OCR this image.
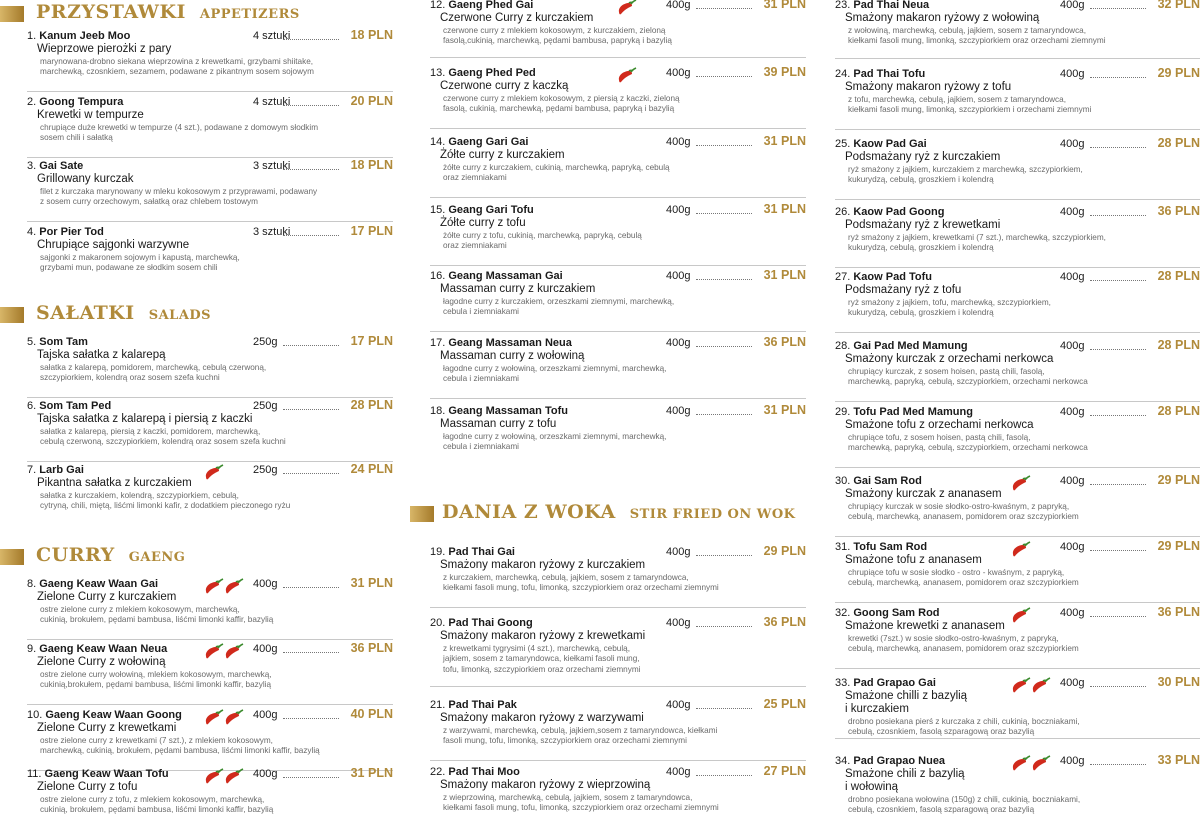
PRZYSTAWKI APPETIZERS
1. Kanum Jeeb Moo	4 sztuki	18 PLN
Wieprzowe pierożki z pary
marynowana-drobno siekana wieprzowina z krewetkami, grzybami shiitake,
marchewką, czosnkiem, sezamem, podawane z pikantnym sosem sojowym
2. Goong Tempura	4 sztuki	20 PLN
Krewetki w tempurze
chrupiące duże krewetki w tempurze (4 szt.), podawane z domowym słodkim
sosem chili i sałatką
3. Gai Sate	3 sztuki	18 PLN
Grillowany kurczak
filet z kurczaka marynowany w mleku kokosowym z przyprawami, podawany
z sosem curry orzechowym, sałatką oraz chlebem tostowym
4. Por Pier Tod	3 sztuki	17 PLN
Chrupiące sajgonki warzywne
sajgonki z makaronem sojowym i kapustą, marchewką,
grzybami mun, podawane ze słodkim sosem chili
SAŁATKI SALADS
5. Som Tam	250g	17 PLN
Tajska sałatka z kalarepą
sałatka z kalarepą, pomidorem, marchewką, cebulą czerwoną,
szczypiorkiem, kolendrą oraz sosem szefa kuchni
6. Som Tam Ped	250g	28 PLN
Tajska sałatka z kalarepą i piersią z kaczki
sałatka z kalarepą, piersią z kaczki, pomidorem, marchewką,
cebulą czerwoną, szczypiorkiem, kolendrą oraz sosem szefa kuchni
7. Larb Gai	250g	24 PLN
Pikantna sałatka z kurczakiem
sałatka z kurczakiem, kolendrą, szczypiorkiem, cebulą,
cytryną, chili, miętą, liśćmi limonki kafir, z dodatkiem pieczonego ryżu
CURRY GAENG
8. Gaeng Keaw Waan Gai	400g	31 PLN
Zielone Curry z kurczakiem
ostre zielone curry z mlekiem kokosowym, marchewką,
cukinią, brokułem, pędami bambusa, liśćmi limonki kaffir, bazylią
9. Gaeng Keaw Waan Neua	400g	36 PLN
Zielone Curry z wołowiną
ostre zielone curry wołowiną, mlekiem kokosowym, marchewką,
cukinią,brokułem, pędami bambusa, liśćmi limonki kaffir, bazylią
10. Gaeng Keaw Waan Goong	400g	40 PLN
Zielone Curry z krewetkami
ostre zielone curry z krewetkami (7 szt.), z mlekiem kokosowym,
marchewką, cukinią, brokułem, pędami bambusa, liśćmi limonki kaffir, bazylią
11. Gaeng Keaw Waan Tofu	400g	31 PLN
Zielone Curry z tofu
ostre zielone curry z tofu, z mlekiem kokosowym, marchewką,
cukinią, brokułem, pędami bambusa, liśćmi limonki kaffir, bazylią
12. Gaeng Phed Gai	400g	31 PLN
Czerwone Curry z kurczakiem
czerwone curry z mlekiem kokosowym, z kurczakiem, zieloną
fasolą,cukinią, marchewką, pędami bambusa, papryką i bazylią
13. Gaeng Phed Ped	400g	39 PLN
Czerwone curry z kaczką
czerwone curry z mlekiem kokosowym, z piersią z kaczki, zieloną
fasolą, cukinią, marchewką, pędami bambusa, papryką i bazylią
14. Gaeng Gari Gai	400g	31 PLN
Żółte curry z kurczakiem
żółte curry z kurczakiem, cukinią, marchewką, papryką, cebulą
oraz ziemniakami
15. Geang Gari Tofu	400g	31 PLN
Żółte curry z tofu
żółte curry z tofu, cukinią, marchewką, papryką, cebulą
oraz ziemniakami
16. Geang Massaman Gai	400g	31 PLN
Massaman curry z kurczakiem
łagodne curry z kurczakiem, orzeszkami ziemnymi, marchewką,
cebula i ziemniakami
17. Geang Massaman Neua	400g	36 PLN
Massaman curry z wołowiną
łagodne curry z wołowiną, orzeszkami ziemnymi, marchewką,
cebula i ziemniakami
18. Geang Massaman Tofu	400g	31 PLN
Massaman curry z tofu
łagodne curry z wołowiną, orzeszkami ziemnymi, marchewką,
cebula i ziemniakami
DANIA Z WOKA STIR FRIED ON WOK
19. Pad Thai Gai	400g	29 PLN
Smażony makaron ryżowy z kurczakiem
z kurczakiem, marchewką, cebulą, jajkiem, sosem z tamaryndowca,
kiełkami fasoli mung, tofu, limonką, szczypiorkiem oraz orzechami ziemnymi
20. Pad Thai Goong	400g	36 PLN
Smażony makaron ryżowy z krewetkami
z krewetkami tygrysimi (4 szt.), marchewką, cebulą,
jajkiem, sosem z tamaryndowca, kiełkami fasoli mung,
tofu, limonką, szczypiorkiem oraz orzechami ziemnymi
21. Pad Thai Pak	400g	25 PLN
Smażony makaron ryżowy z warzywami
z warzywami, marchewką, cebulą, jajkiem,sosem z tamaryndowca, kiełkami
fasoli mung, tofu, limonką, szczypiorkiem oraz orzechami ziemnymi
22. Pad Thai Moo	400g	27 PLN
Smażony makaron ryżowy z wieprzowiną
z wieprzowiną, marchewką, cebulą, jajkiem, sosem z tamaryndowca,
kiełkami fasoli mung, tofu, limonką, szczypiorkiem oraz orzechami ziemnymi
23. Pad Thai Neua	400g	32 PLN
Smażony makaron ryżowy z wołowiną
z wołowiną, marchewką, cebulą, jajkiem, sosem z tamaryndowca,
kiełkami fasoli mung, limonką, szczypiorkiem oraz orzechami ziemnymi
24. Pad Thai Tofu	400g	29 PLN
Smażony makaron ryżowy z tofu
z tofu, marchewką, cebulą, jajkiem, sosem z tamaryndowca,
kiełkami fasoli mung, limonką, szczypiorkiem i orzechami ziemnymi
25. Kaow Pad Gai	400g	28 PLN
Podsmażany ryż z kurczakiem
ryż smażony z jajkiem, kurczakiem z marchewką, szczypiorkiem,
kukurydzą, cebulą, groszkiem i kolendrą
26. Kaow Pad Goong	400g	36 PLN
Podsmażany ryż z krewetkami
ryż smażony z jajkiem, krewetkami (7 szt.), marchewką, szczypiorkiem,
kukurydzą, cebulą, groszkiem i kolendrą
27. Kaow Pad Tofu	400g	28 PLN
Podsmażany ryż z tofu
ryż smażony z jajkiem, tofu, marchewką, szczypiorkiem,
kukurydzą, cebulą, groszkiem i kolendrą
28. Gai Pad Med Mamung	400g	28 PLN
Smażony kurczak z orzechami nerkowca
chrupiący kurczak, z sosem hoisen, pastą chili, fasolą,
marchewką, papryką, cebulą, szczypiorkiem, orzechami nerkowca
29. Tofu Pad Med Mamung	400g	28 PLN
Smażone tofu z orzechami nerkowca
chrupiące tofu, z sosem hoisen, pastą chili, fasolą,
marchewką, papryką, cebulą, szczypiorkiem, orzechami nerkowca
30. Gai Sam Rod	400g	29 PLN
Smażony kurczak z ananasem
chrupiący kurczak w sosie słodko-ostro-kwaśnym, z papryką,
cebulą, marchewką, ananasem, pomidorem oraz szczypiorkiem
31. Tofu Sam Rod	400g	29 PLN
Smażone tofu z ananasem
chrupiące tofu w sosie słodko - ostro - kwaśnym, z papryką,
cebulą, marchewką, ananasem, pomidorem oraz szczypiorkiem
32. Goong Sam Rod	400g	36 PLN
Smażone krewetki z ananasem
krewetki (7szt.) w sosie słodko-ostro-kwaśnym, z papryką,
cebulą, marchewką, ananasem, pomidorem oraz szczypiorkiem
33. Pad Grapao Gai	400g	30 PLN
Smażone chilli z bazylią
i kurczakiem
drobno posiekana pierś z kurczaka z chili, cukinią, boczniakami,
cebulą, czosnkiem, fasolą szparagową oraz bazylią
34. Pad Grapao Nuea	400g	33 PLN
Smażone chili z bazylią
i wołowiną
drobno posiekana wołowina (150g) z chili, cukinią, boczniakami,
cebulą, czosnkiem, fasolą szparagową oraz bazylią
